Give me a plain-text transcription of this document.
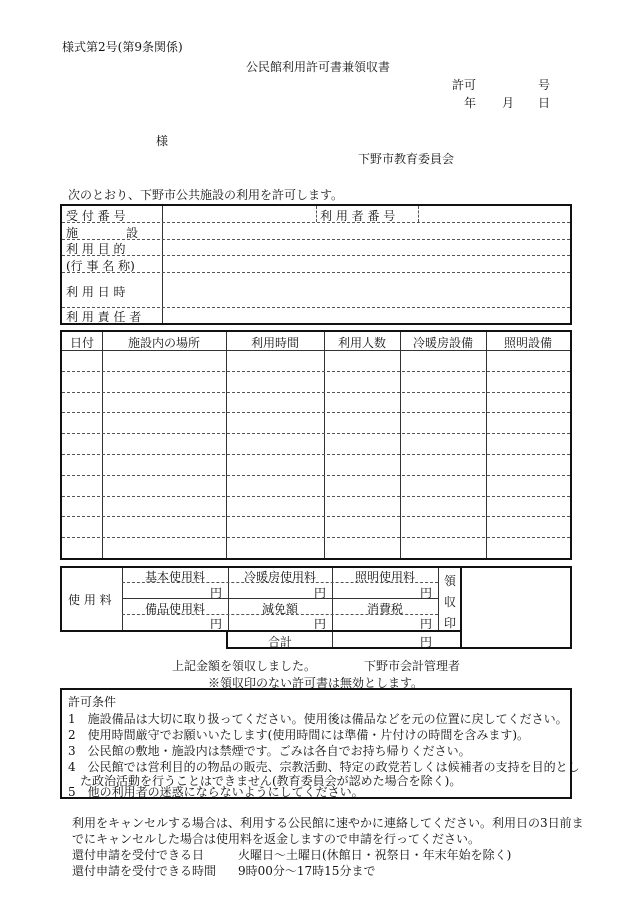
様式第2号(第9条関係)
公民館利用許可書兼領収書
許可	号
年 月 日
様
下野市教育委員会
次のとおり、下野市公共施設の利用を許可します。
受 付 番 号	利 用 者 番 号
施　　　　設
利 用 目 的
(行 事 名 称)
利 用 日 時
利 用 責 任 者
日付	施設内の場所	利用時間	利用人数	冷暖房設備	照明設備
使 用 料
基本使用料	冷暖房使用料	照明使用料
円	円	円
備品使用料	減免額	消費税
円	円	円
領
収
印
合計	円
上記金額を領収しました。	下野市会計管理者
※領収印のない許可書は無効とします。
許可条件
1　施設備品は大切に取り扱ってください。使用後は備品などを元の位置に戻してください。
2　使用時間厳守でお願いいたします(使用時間には準備・片付けの時間を含みます)。
3　公民館の敷地・施設内は禁煙です。ごみは各自でお持ち帰りください。
4　公民館では営利目的の物品の販売、宗教活動、特定の政党若しくは候補者の支持を目的とし
　た政治活動を行うことはできません(教育委員会が認めた場合を除く)。
5　他の利用者の迷惑にならないようにしてください。
利用をキャンセルする場合は、利用する公民館に速やかに連絡してください。利用日の3日前ま
でにキャンセルした場合は使用料を返金しますので申請を行ってください。
還付申請を受付できる日	火曜日～土曜日(休館日・祝祭日・年末年始を除く)
還付申請を受付できる時間 9時00分～17時15分まで
